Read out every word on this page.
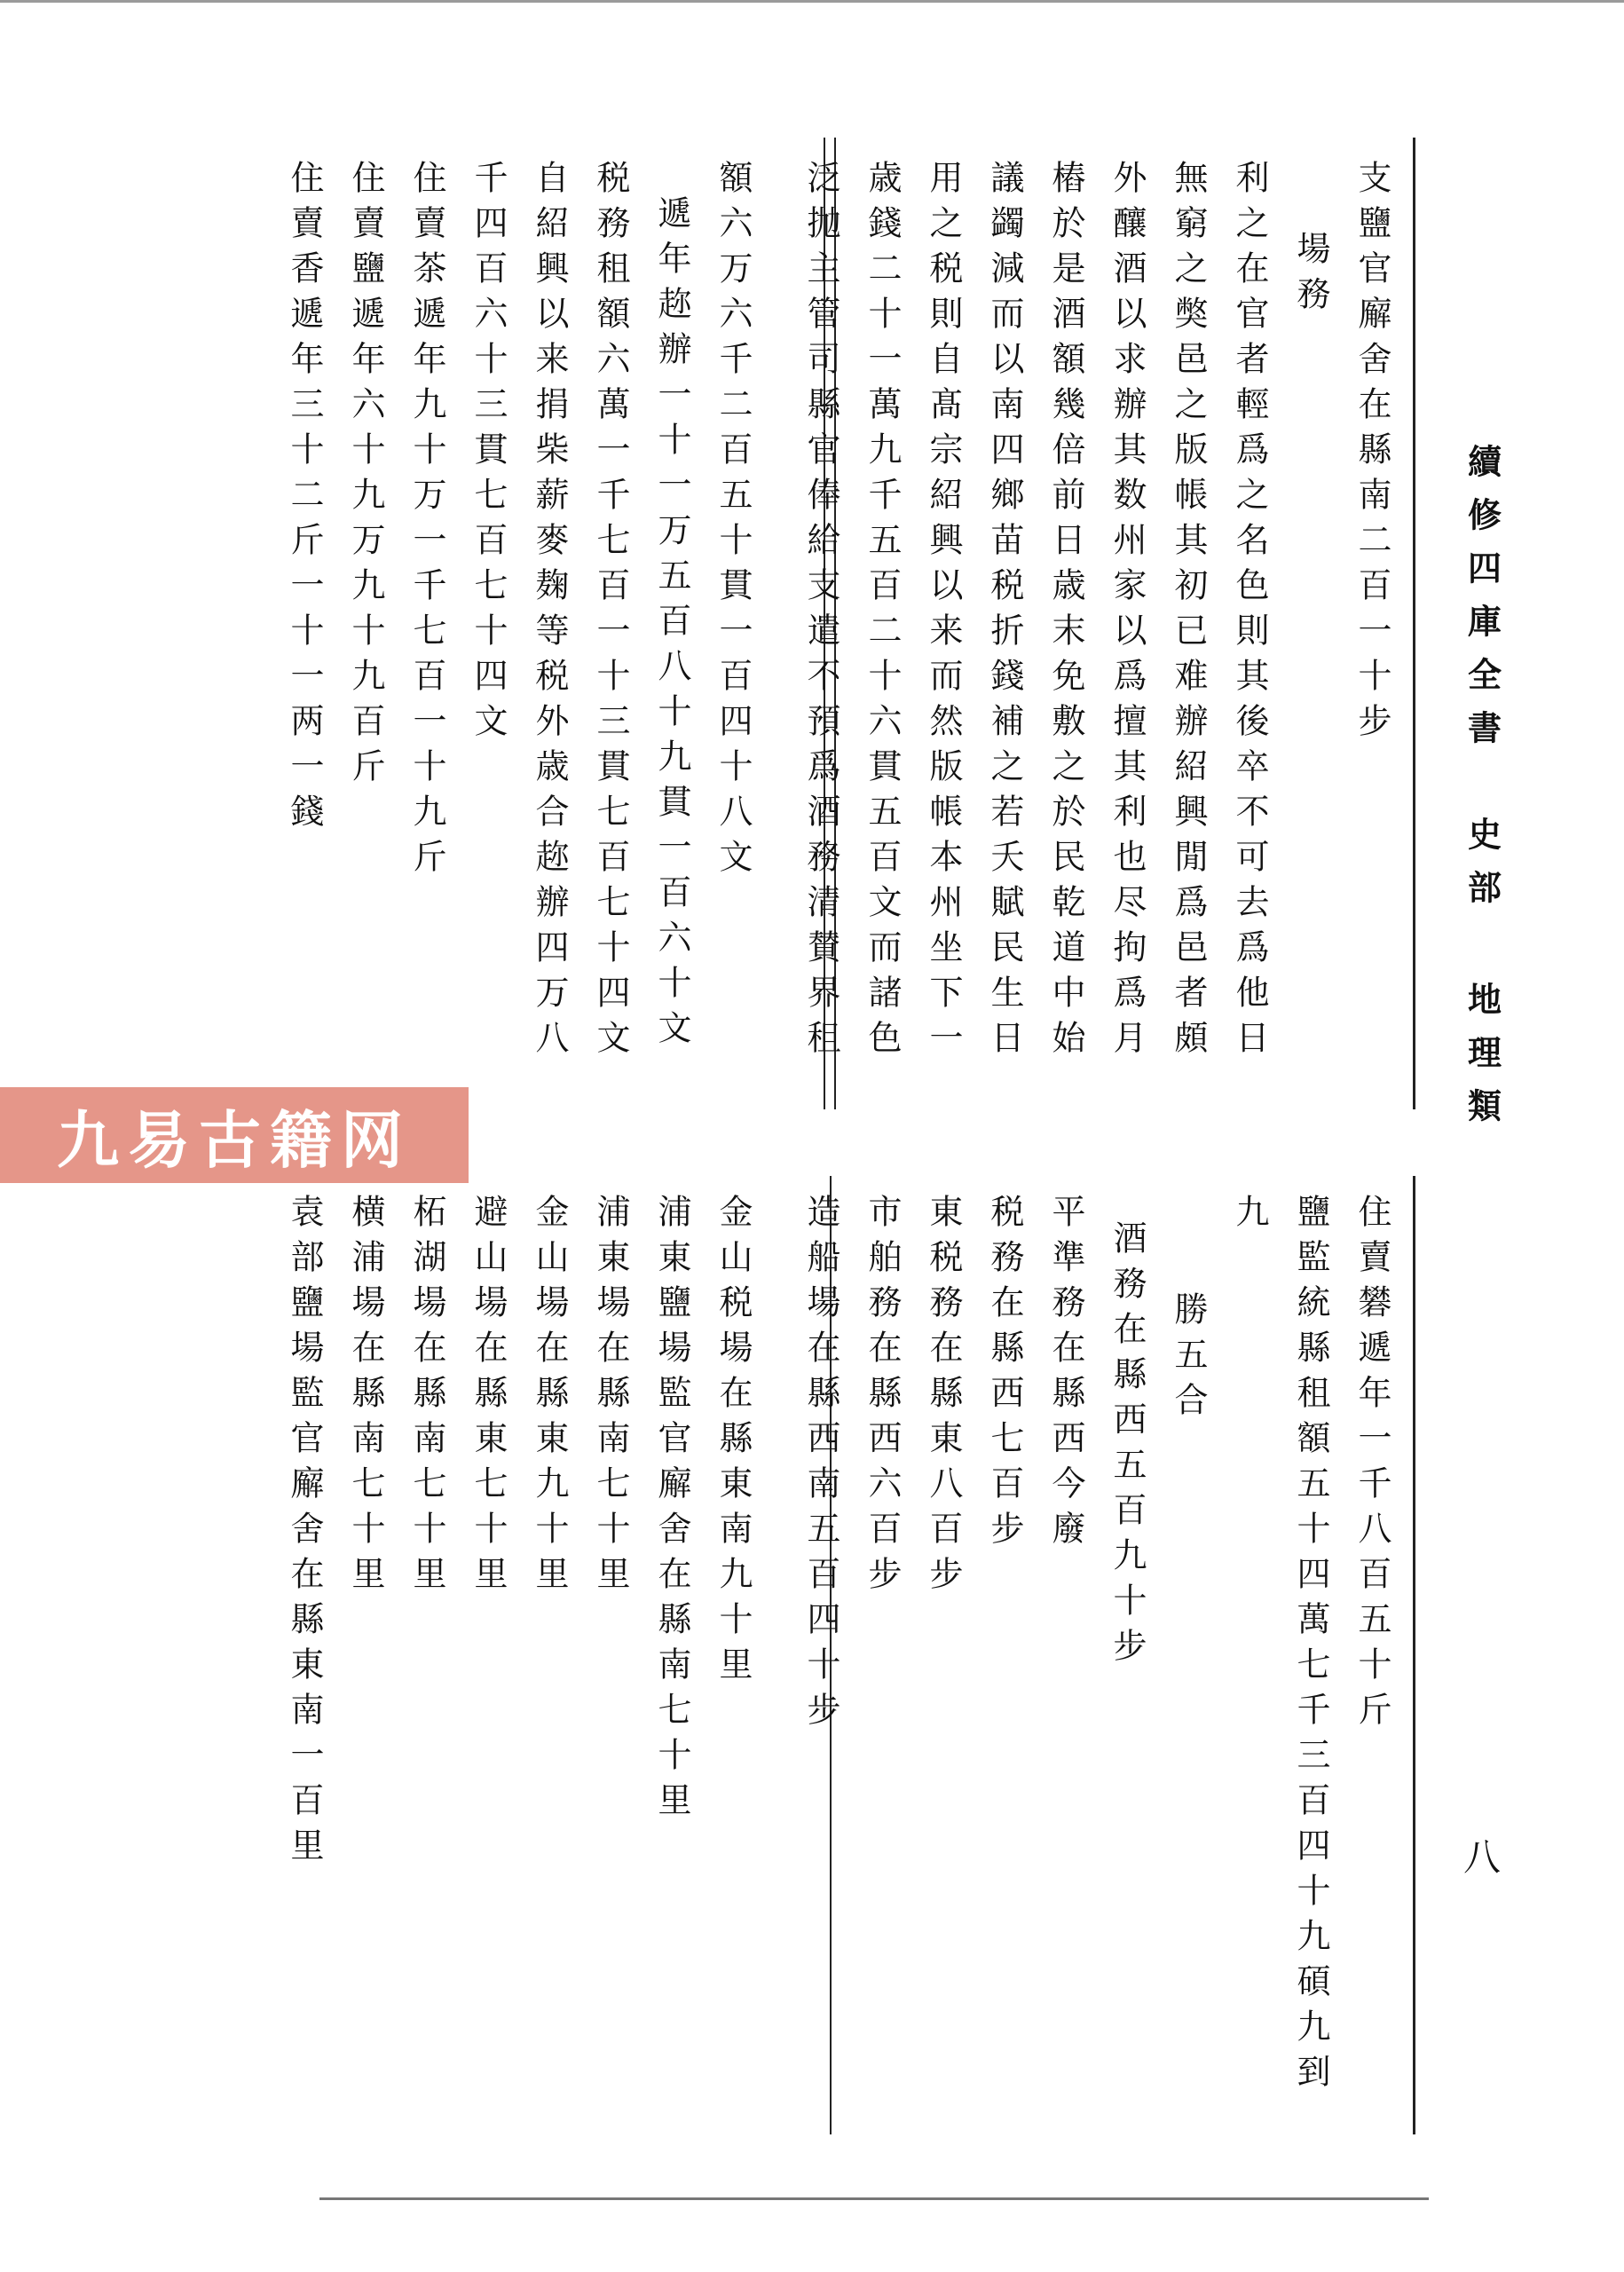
續修四庫全書
史部 地理類
八

支鹽官廨舍在縣南二百一十步

場務

利之在官者輕爲之名色則其後卒不可去爲他日

無窮之獘邑之版帳其初已难辦紹興閒爲邑者頗

外釀酒以求辦其数州家以爲擅其利也尽拘爲月

樁於是酒額幾倍前日歳末免敷之於民乾道中始

議蠲減而以南四鄉苗税折錢補之若夭賦民生日

用之税則自髙宗紹興以来而然版帳本州坐下一

歳錢二十一萬九千五百二十六貫五百文而諸色

泛抛主管司縣官俸給支遣不預爲酒務清賛界租

額六万六千二百五十貫一百四十八文

遞年趂辦一十一万五百八十九貫一百六十文

税務租額六萬一千七百一十三貫七百七十四文

自紹興以来捐柴薪麥麹等税外歳合趂辦四万八

千四百六十三貫七百七十四文

住賣茶遞年九十万一千七百一十九斤

住賣鹽遞年六十九万九十九百斤

住賣香遞年三十二斤一十一两一錢

住賣礬遞年一千八百五十斤

鹽監統縣租額五十四萬七千三百四十九碩九到

九

勝五合

酒務在縣西五百九十步

平準務在縣西今廢

税務在縣西七百步

東税務在縣東八百步

市舶務在縣西六百步

造船場在縣西南五百四十步

金山税場在縣東南九十里

浦東鹽場監官廨舍在縣南七十里

浦東場在縣南七十里

金山場在縣東九十里

避山場在縣東七十里

柘湖場在縣南七十里

横浦場在縣南七十里

袁部鹽場監官廨舍在縣東南一百里

九易古籍网
